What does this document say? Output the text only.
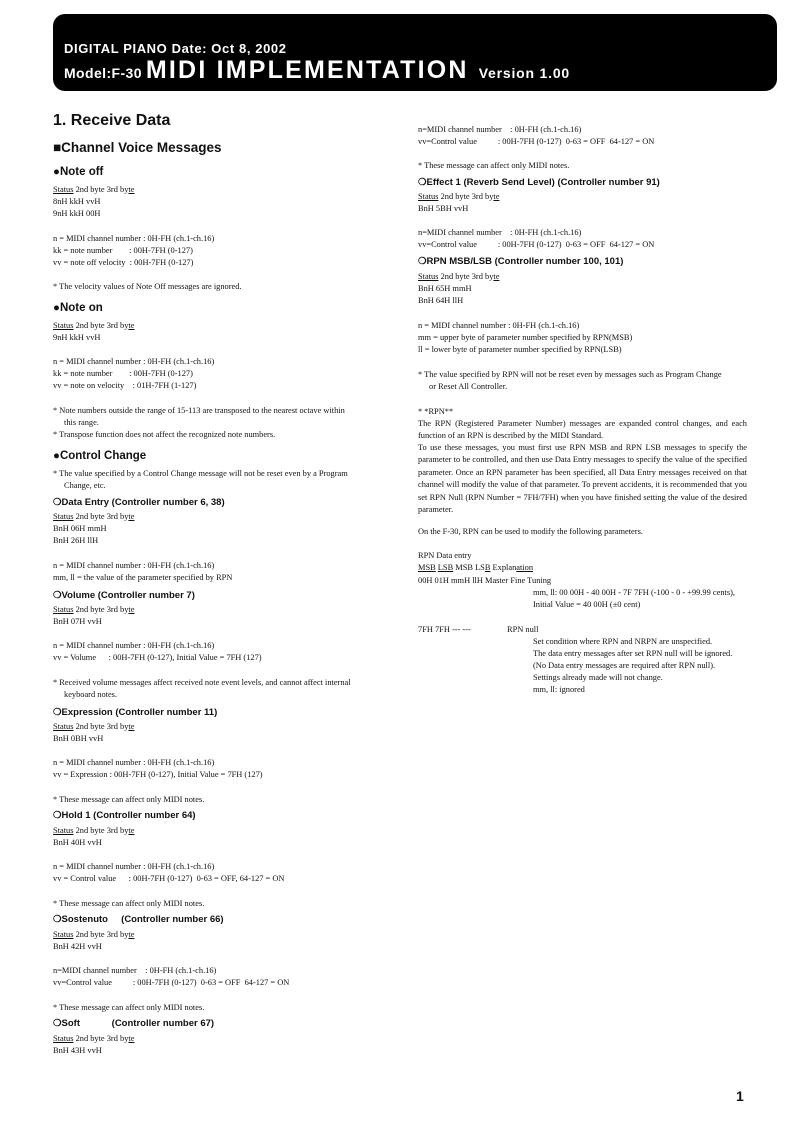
DIGITAL PIANO Date: Oct 8, 2002
Model:F-30 MIDI IMPLEMENTATION Version 1.00
1. Receive Data
■Channel Voice Messages
●Note off
Status 2nd byte 3rd byte
8nH kkH vvH
9nH kkH 00H
n = MIDI channel number : 0H-FH (ch.1-ch.16)
kk = note number        : 00H-7FH (0-127)
vv = note off velocity  : 00H-7FH (0-127)
* The velocity values of Note Off messages are ignored.
●Note on
Status 2nd byte 3rd byte
9nH kkH vvH
n = MIDI channel number : 0H-FH (ch.1-ch.16)
kk = note number        : 00H-7FH (0-127)
vv = note on velocity    : 01H-7FH (1-127)
* Note numbers outside the range of 15-113 are transposed to the nearest octave within
this range.
* Transpose function does not affect the recognized note numbers.
●Control Change
* The value specified by a Control Change message will not be reset even by a Program
Change, etc.
❍Data Entry (Controller number 6, 38)
Status 2nd byte 3rd byte
BnH 06H mmH
BnH 26H llH
n = MIDI channel number : 0H-FH (ch.1-ch.16)
mm, ll = the value of the parameter specified by RPN
❍Volume (Controller number 7)
Status 2nd byte 3rd byte
BnH 07H vvH
n = MIDI channel number : 0H-FH (ch.1-ch.16)
vv = Volume      : 00H-7FH (0-127), Initial Value = 7FH (127)
* Received volume messages affect received note event levels, and cannot affect internal
keyboard notes.
❍Expression (Controller number 11)
Status 2nd byte 3rd byte
BnH 0BH vvH
n = MIDI channel number : 0H-FH (ch.1-ch.16)
vv = Expression : 00H-7FH (0-127), Initial Value = 7FH (127)
* These message can affect only MIDI notes.
❍Hold 1 (Controller number 64)
Status 2nd byte 3rd byte
BnH 40H vvH
n = MIDI channel number : 0H-FH (ch.1-ch.16)
vv = Control value      : 00H-7FH (0-127)  0-63 = OFF, 64-127 = ON
* These message can affect only MIDI notes.
❍Sostenuto     (Controller number 66)
Status 2nd byte 3rd byte
BnH 42H vvH
n=MIDI channel number    : 0H-FH (ch.1-ch.16)
vv=Control value          : 00H-7FH (0-127)  0-63 = OFF  64-127 = ON
* These message can affect only MIDI notes.
❍Soft            (Controller number 67)
Status 2nd byte 3rd byte
BnH 43H vvH
n=MIDI channel number    : 0H-FH (ch.1-ch.16)
vv=Control value          : 00H-7FH (0-127)  0-63 = OFF  64-127 = ON
* These message can affect only MIDI notes.
❍Effect 1 (Reverb Send Level) (Controller number 91)
Status 2nd byte 3rd byte
BnH 5BH vvH
n=MIDI channel number    : 0H-FH (ch.1-ch.16)
vv=Control value          : 00H-7FH (0-127)  0-63 = OFF  64-127 = ON
❍RPN MSB/LSB (Controller number 100, 101)
Status 2nd byte 3rd byte
BnH 65H mmH
BnH 64H llH
n = MIDI channel number : 0H-FH (ch.1-ch.16)
mm = upper byte of parameter number specified by RPN(MSB)
ll = lower byte of parameter number specified by RPN(LSB)
* The value specified by RPN will not be reset even by messages such as Program Change
or Reset All Controller.
* *RPN**
The RPN (Registered Parameter Number) messages are expanded control changes, and each function of an RPN is described by the MIDI Standard.
To use these messages, you must first use RPN MSB and RPN LSB messages to specify the parameter to be controlled, and then use Data Entry messages to specify the value of the specified parameter. Once an RPN parameter has been specified, all Data Entry messages received on that channel will modify the value of that parameter. To prevent accidents, it is recommended that you set RPN Null (RPN Number = 7FH/7FH) when you have finished setting the value of the desired parameter.
On the F-30, RPN can be used to modify the following parameters.
RPN Data entry
MSB LSB MSB LSB Explanation
00H 01H mmH llH Master Fine Tuning
mm, ll: 00 00H - 40 00H - 7F 7FH (-100 - 0 - +99.99 cents),
Initial Value = 40 00H (±0 cent)
7FH 7FH --- ---	RPN null
Set condition where RPN and NRPN are unspecified.
The data entry messages after set RPN null will be ignored.
(No Data entry messages are required after RPN null).
Settings already made will not change.
mm, ll: ignored
1
